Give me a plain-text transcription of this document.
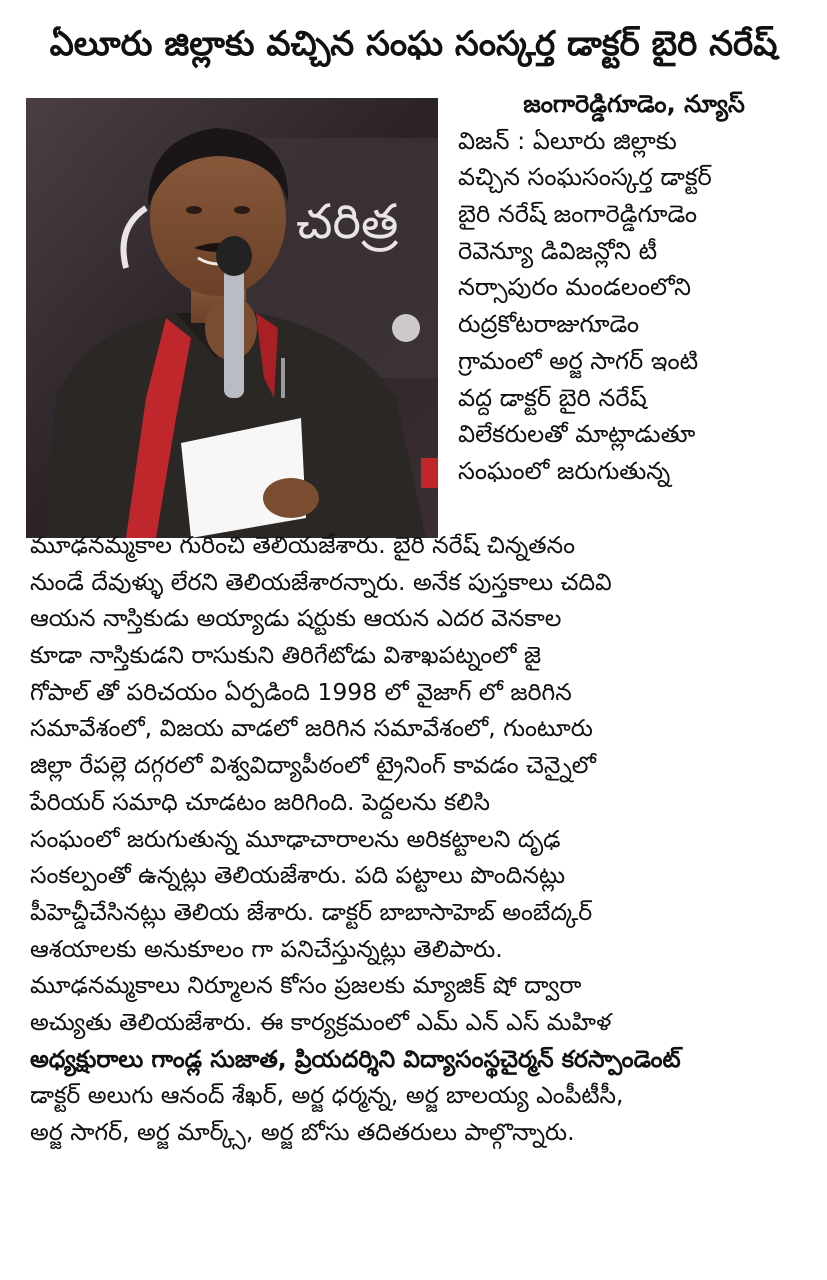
ఏలూరు జిల్లాకు వచ్చిన సంఘ సంస్కర్త డాక్టర్ బైరి నరేష్
చరిత్ర
జంగారెడ్డిగూడెం, న్యూస్
విజన్ : ఏలూరు జిల్లాకు
వచ్చిన సంఘసంస్కర్త డాక్టర్
బైరి నరేష్ జంగారెడ్డిగూడెం
రెవెన్యూ డివిజన్లోని టీ
నర్సాపురం మండలంలోని
రుద్రకోటరాజుగూడెం
గ్రామంలో అర్జ సాగర్ ఇంటి
వద్ద డాక్టర్ బైరి నరేష్
విలేకరులతో మాట్లాడుతూ
సంఘంలో జరుగుతున్న
మూఢనమ్మకాల గురించి తెలియజేశారు. బైరి నరేష్ చిన్నతనం
నుండే దేవుళ్ళు లేరని తెలియజేశారన్నారు. అనేక పుస్తకాలు చదివి
ఆయన నాస్తికుడు అయ్యాడు షర్టుకు ఆయన ఎదర వెనకాల
కూడా నాస్తికుడని రాసుకుని తిరిగేటోడు విశాఖపట్నంలో జై
గోపాల్ తో పరిచయం ఏర్పడింది 1998 లో వైజాగ్ లో జరిగిన
సమావేశంలో, విజయ వాడలో జరిగిన సమావేశంలో, గుంటూరు
జిల్లా రేపల్లె దగ్గరలో విశ్వవిద్యాపీఠంలో ట్రైనింగ్ కావడం చెన్నైలో
పేరియర్ సమాధి చూడటం జరిగింది. పెద్దలను కలిసి
సంఘంలో జరుగుతున్న మూఢాచారాలను అరికట్టాలని దృఢ
సంకల్పంతో ఉన్నట్లు తెలియజేశారు. పది పట్టాలు పొందినట్లు
పీహెచ్డీచేసినట్లు తెలియ జేశారు. డాక్టర్ బాబాసాహెబ్ అంబేద్కర్
ఆశయాలకు అనుకూలం గా పనిచేస్తున్నట్లు తెలిపారు.
మూఢనమ్మకాలు నిర్మూలన కోసం ప్రజలకు మ్యాజిక్ షో ద్వారా
అచ్యుతు తెలియజేశారు. ఈ కార్యక్రమంలో ఎమ్ ఎన్ ఎస్ మహిళ
అధ్యక్షురాలు గాండ్ల సుజాత, ప్రియదర్శిని విద్యాసంస్థచైర్మన్ కరస్పాండెంట్
డాక్టర్ అలుగు ఆనంద్ శేఖర్, అర్జ ధర్మన్న, అర్జ బాలయ్య ఎంపీటీసీ,
అర్జ సాగర్, అర్జ మార్క్స్, అర్జ బోసు తదితరులు పాల్గొన్నారు.
